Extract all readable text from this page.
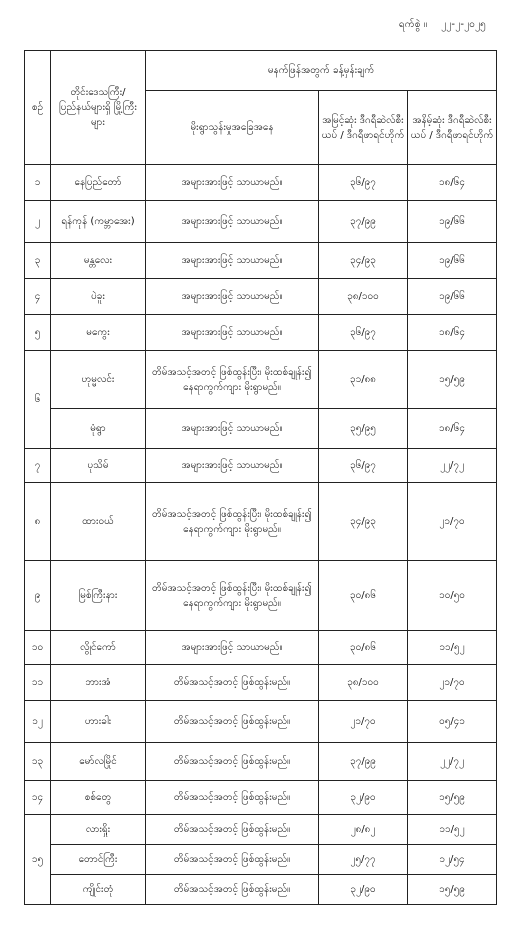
ရက်စွဲ ။ ၂၂-၂-၂၀၂၅
စဉ်	တိုင်းဒေသကြီး/ ပြည်နယ်များရှိ မြို့ကြီးများ	မနက်ဖြန်အတွက် ခန့်မှန်းချက်		
		မိုးရွာသွန်းမှုအခြေအနေ	အမြင့်ဆုံး ဒီဂရီဆဲလ်စီးယပ် / ဒီဂရီဖာရင်ဟိုက်	အနိမ့်ဆုံး ဒီဂရီဆဲလ်စီးယပ် / ဒီဂရီဖာရင်ဟိုက်
၁	နေပြည်တော်	အများအားဖြင့် သာယာမည်။	၃၆/၉၇	၁၈/၆၄
၂	ရန်ကုန် (ကမ္ဘာအေး)	အများအားဖြင့် သာယာမည်။	၃၇/၉၉	၁၉/၆၆
၃	မန္တလေး	အများအားဖြင့် သာယာမည်။	၃၄/၉၃	၁၉/၆၆
၄	ပဲခူး	အများအားဖြင့် သာယာမည်။	၃၈/၁၀၀	၁၉/၆၆
၅	မကွေး	အများအားဖြင့် သာယာမည်။	၃၆/၉၇	၁၈/၆၄
၆	ဟုမ္မလင်း	တိမ်အသင့်အတင့် ဖြစ်ထွန်းပြီး၊ မိုးထစ်ချုန်း၍ နေရာကွက်ကျား မိုးရွာမည်။	၃၁/၈၈	၁၅/၅၉
	မုံရွာ	အများအားဖြင့် သာယာမည်။	၃၅/၉၅	၁၈/၆၄
၇	ပုသိမ်	အများအားဖြင့် သာယာမည်။	၃၆/၉၇	၂၂/၇၂
၈	ထားဝယ်	တိမ်အသင့်အတင့် ဖြစ်ထွန်းပြီး၊ မိုးထစ်ချုန်း၍ နေရာကွက်ကျား မိုးရွာမည်။	၃၄/၉၃	၂၁/၇၀
၉	မြစ်ကြီးနား	တိမ်အသင့်အတင့် ဖြစ်ထွန်းပြီး၊ မိုးထစ်ချုန်း၍ နေရာကွက်ကျား မိုးရွာမည်။	၃၀/၈၆	၁၀/၅၀
၁၀	လွိုင်ကော်	အများအားဖြင့် သာယာမည်။	၃၀/၈၆	၁၁/၅၂
၁၁	ဘားအံ	တိမ်အသင့်အတင့် ဖြစ်ထွန်းမည်။	၃၈/၁၀၀	၂၁/၇၀
၁၂	ဟားခါး	တိမ်အသင့်အတင့် ဖြစ်ထွန်းမည်။	၂၁/၇၀	၀၅/၄၁
၁၃	မော်လမြိုင်	တိမ်အသင့်အတင့် ဖြစ်ထွန်းမည်။	၃၇/၉၉	၂၂/၇၂
၁၄	စစ်တွေ	တိမ်အသင့်အတင့် ဖြစ်ထွန်းမည်။	၃၂/၉၀	၁၅/၅၉
၁၅	လားရှိုး	တိမ်အသင့်အတင့် ဖြစ်ထွန်းမည်။	၂၈/၈၂	၁၁/၅၂
	တောင်ကြီး	တိမ်အသင့်အတင့် ဖြစ်ထွန်းမည်။	၂၅/၇၇	၁၂/၅၄
	ကျိုင်းတုံ	တိမ်အသင့်အတင့် ဖြစ်ထွန်းမည်။	၃၂/၉၀	၁၅/၅၉
